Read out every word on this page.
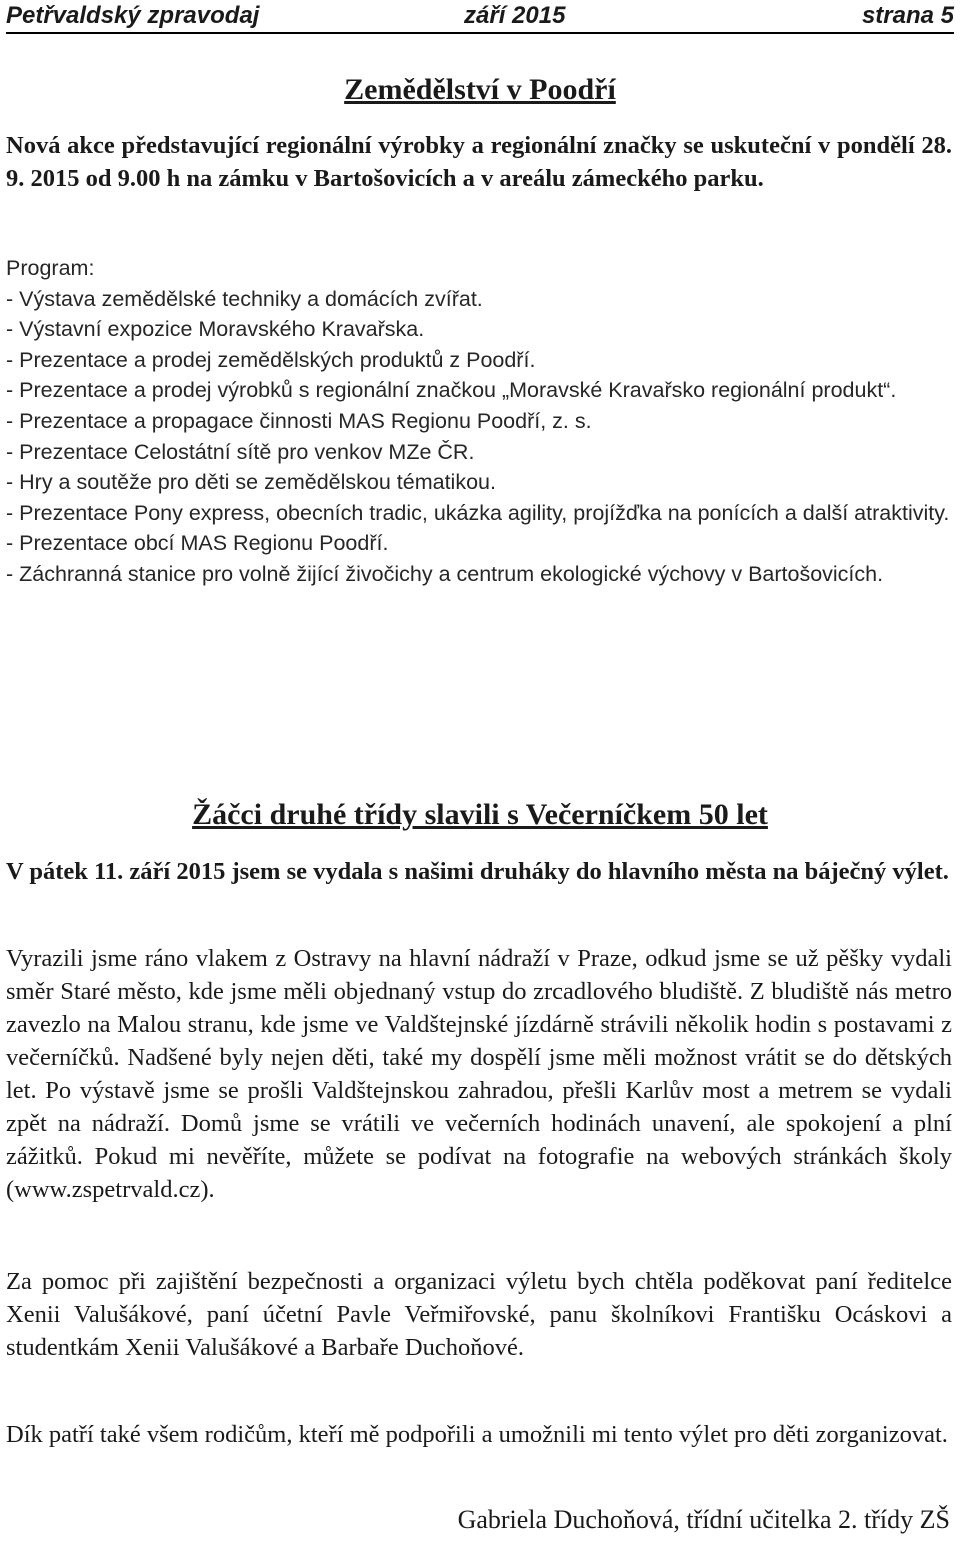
Petřvaldský zpravodaj	září 2015	strana 5
Zemědělství v Poodří

Nová akce představující regionální výrobky a regionální značky se uskuteční v pondělí 28. 9. 2015 od 9.00 h na zámku v Bartošovicích a v areálu zámeckého parku.

Program:
- Výstava zemědělské techniky a domácích zvířat.
- Výstavní expozice Moravského Kravařska.
- Prezentace a prodej zemědělských produktů z Poodří.
- Prezentace a prodej výrobků s regionální značkou „Moravské Kravařsko regionální produkt“.
- Prezentace a propagace činnosti MAS Regionu Poodří, z. s.
- Prezentace Celostátní sítě pro venkov MZe ČR.
- Hry a soutěže pro děti se zemědělskou tématikou.
- Prezentace Pony express, obecních tradic, ukázka agility, projížďka na ponících a další atraktivity.
- Prezentace obcí MAS Regionu Poodří.
- Záchranná stanice pro volně žijící živočichy a centrum ekologické výchovy v Bartošovicích.
Žáčci druhé třídy slavili s Večerníčkem 50 let

V pátek 11. září 2015 jsem se vydala s našimi druháky do hlavního města na báječný výlet.

Vyrazili jsme ráno vlakem z Ostravy na hlavní nádraží v Praze, odkud jsme se už pěšky vydali směr Staré město, kde jsme měli objednaný vstup do zrcadlového bludiště. Z bludiště nás metro zavezlo na Malou stranu, kde jsme ve Valdštejnské jízdárně strávili několik hodin s postavami z večerníčků. Nadšené byly nejen děti, také my dospělí jsme měli možnost vrátit se do dětských let. Po výstavě jsme se prošli Valdštejnskou zahradou, přešli Karlův most a metrem se vydali zpět na nádraží. Domů jsme se vrátili ve večerních hodinách unavení, ale spokojení a plní zážitků. Pokud mi nevěříte, můžete se podívat na fotografie na webových stránkách školy (www.zspetrvald.cz).

Za pomoc při zajištění bezpečnosti a organizaci výletu bych chtěla poděkovat paní ředitelce Xenii Valušákové, paní účetní Pavle Veřmiřovské, panu školníkovi Františku Ocáskovi a studentkám Xenii Valušákové a Barbaře Duchoňové.

Dík patří také všem rodičům, kteří mě podpořili a umožnili mi tento výlet pro děti zorganizovat.

Gabriela Duchoňová, třídní učitelka 2. třídy ZŠ
